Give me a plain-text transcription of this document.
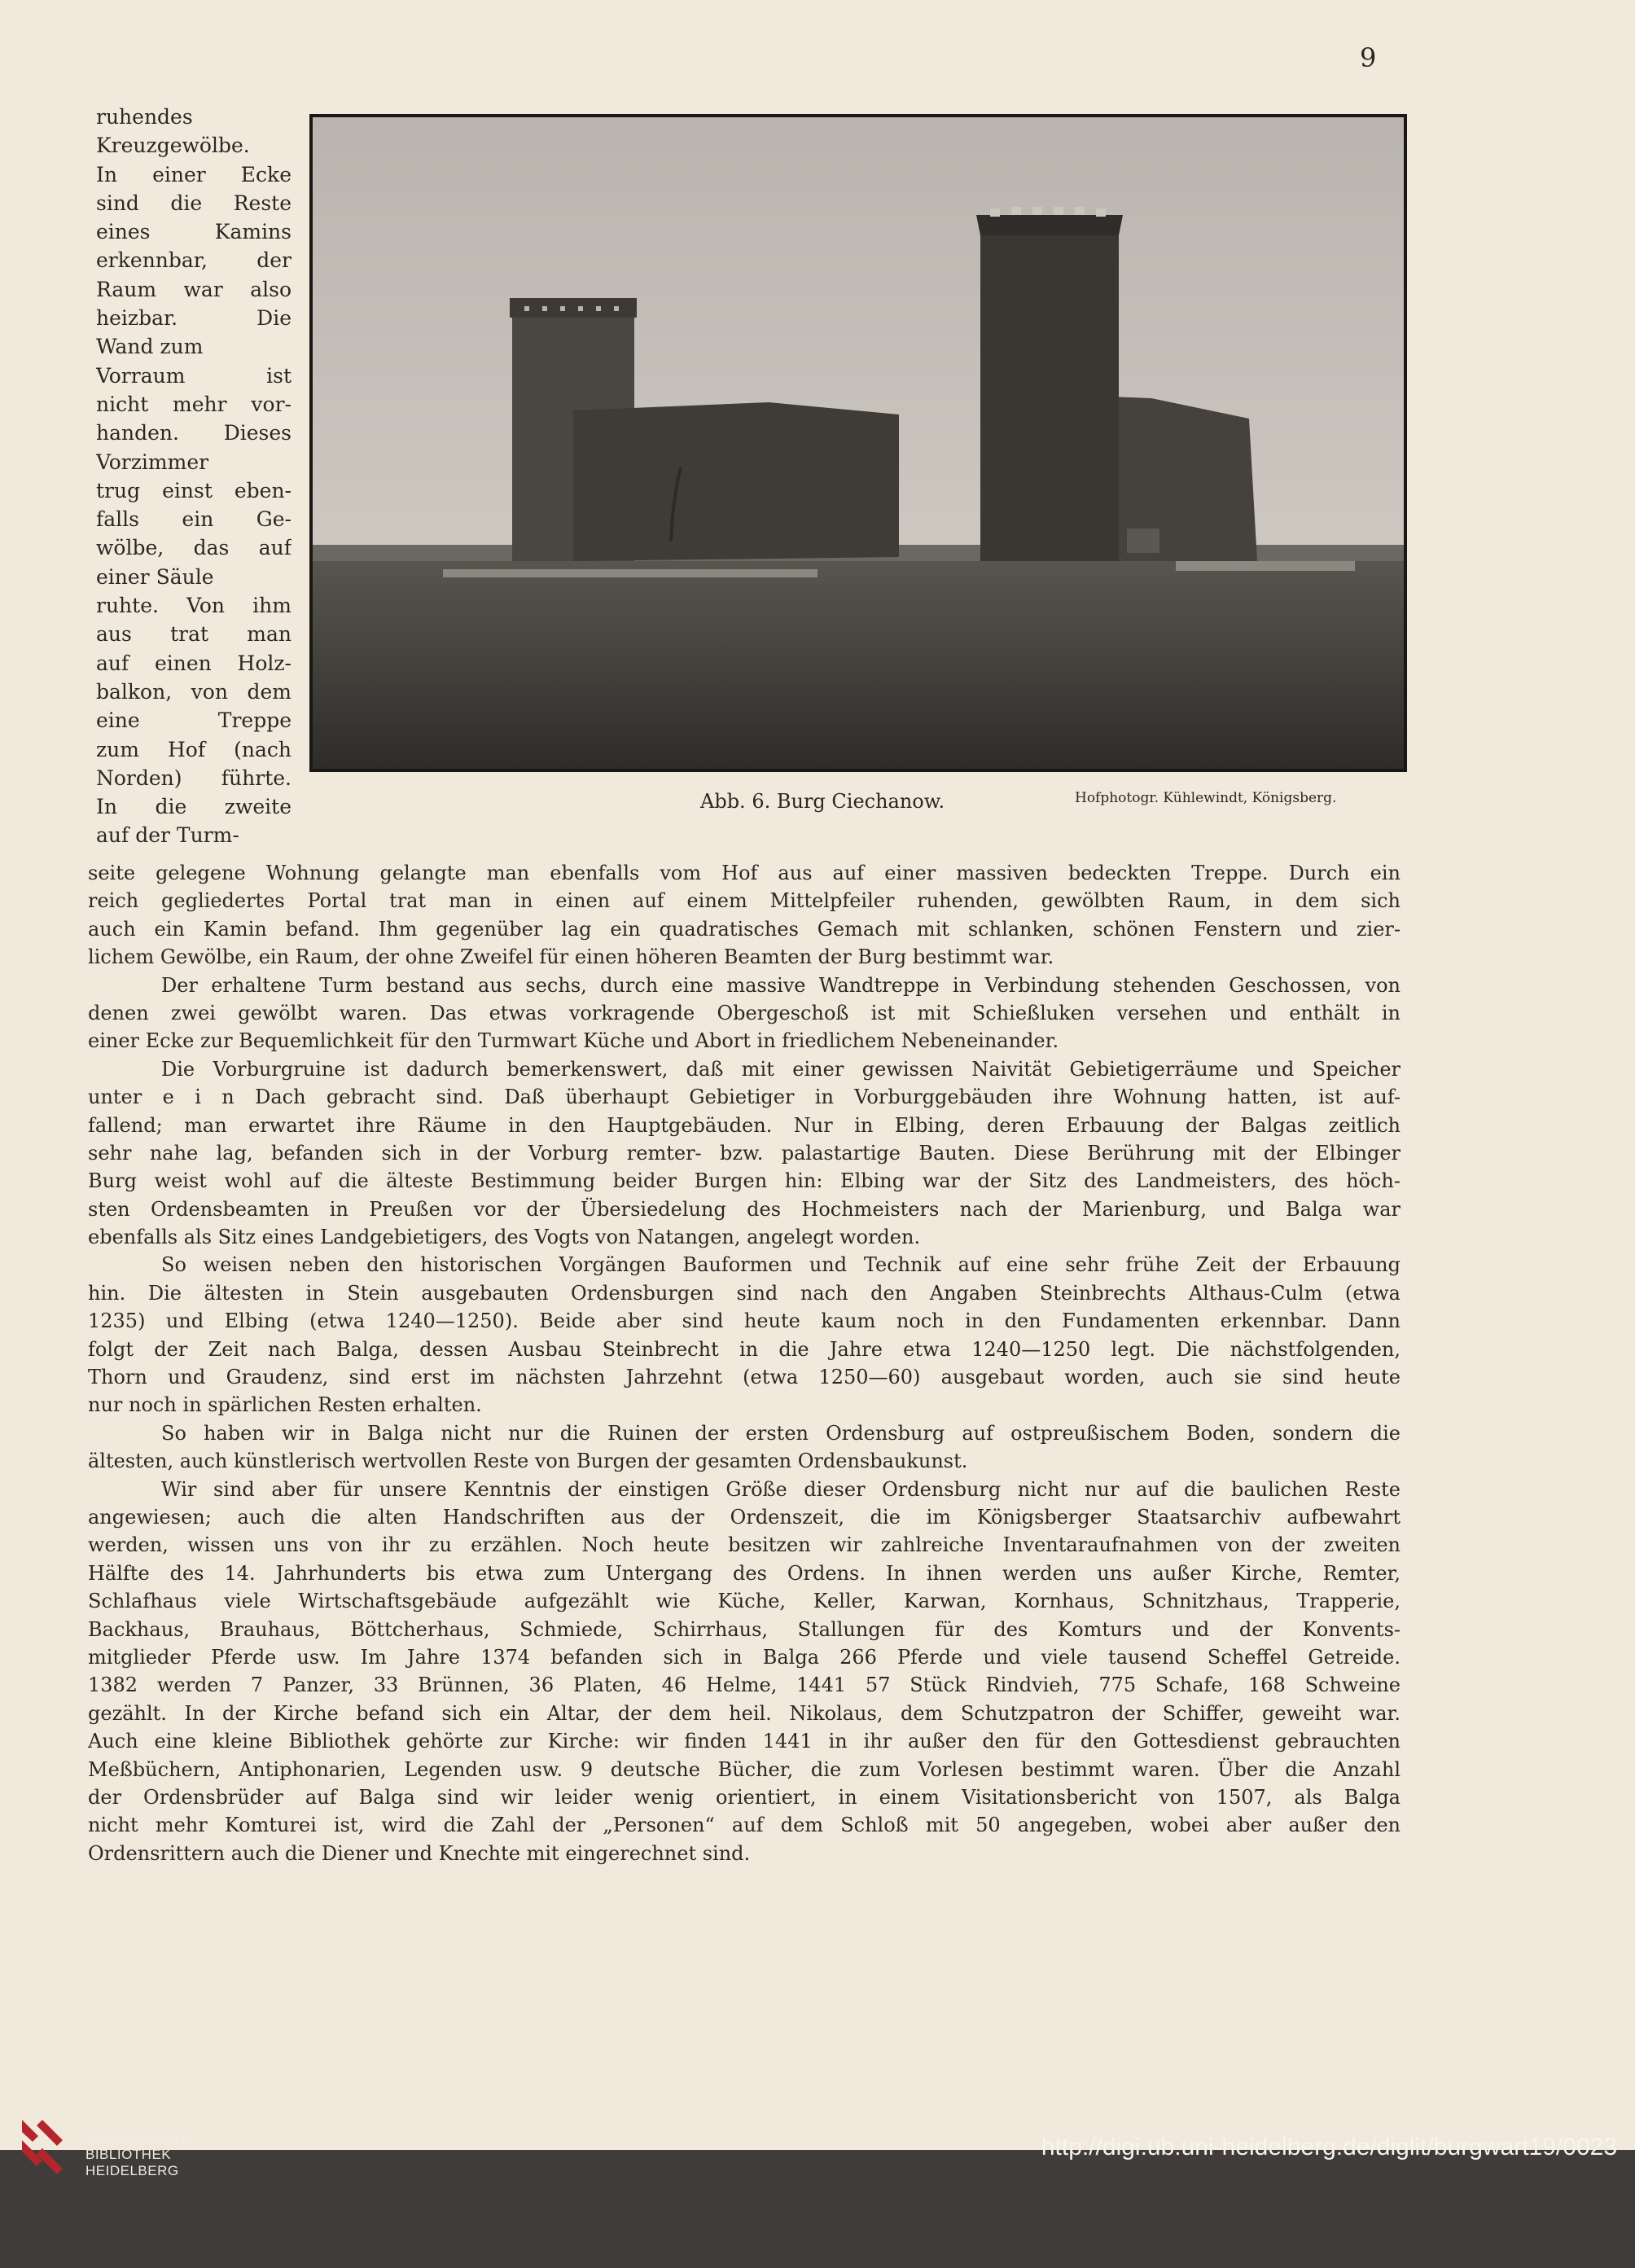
9
ruhendes
Kreuzgewölbe.
In einer Ecke
sind die Reste
eines Kamins
erkennbar, der
Raum war also
heizbar. Die
Wand zum
Vorraum ist
nicht mehr vor-
handen. Dieses
Vorzimmer
trug einst eben-
falls ein Ge-
wölbe, das auf
einer Säule
ruhte. Von ihm
aus trat man
auf einen Holz-
balkon, von dem
eine Treppe
zum Hof (nach
Norden) führte.
In die zweite
auf der Turm-
Abb. 6. Burg Ciechanow.	Hofphotogr. Kühlewindt, Königsberg.
seite gelegene Wohnung gelangte man ebenfalls vom Hof aus auf einer massiven bedeckten Treppe. Durch ein
reich gegliedertes Portal trat man in einen auf einem Mittelpfeiler ruhenden, gewölbten Raum, in dem sich
auch ein Kamin befand. Ihm gegenüber lag ein quadratisches Gemach mit schlanken, schönen Fenstern und zier-
lichem Gewölbe, ein Raum, der ohne Zweifel für einen höheren Beamten der Burg bestimmt war.
Der erhaltene Turm bestand aus sechs, durch eine massive Wandtreppe in Verbindung stehenden Geschossen, von
denen zwei gewölbt waren. Das etwas vorkragende Obergeschoß ist mit Schießluken versehen und enthält in
einer Ecke zur Bequemlichkeit für den Turmwart Küche und Abort in friedlichem Nebeneinander.
Die Vorburgruine ist dadurch bemerkenswert, daß mit einer gewissen Naivität Gebietigerräume und Speicher
unter e i n Dach gebracht sind. Daß überhaupt Gebietiger in Vorburggebäuden ihre Wohnung hatten, ist auf-
fallend; man erwartet ihre Räume in den Hauptgebäuden. Nur in Elbing, deren Erbauung der Balgas zeitlich
sehr nahe lag, befanden sich in der Vorburg remter- bzw. palastartige Bauten. Diese Berührung mit der Elbinger
Burg weist wohl auf die älteste Bestimmung beider Burgen hin: Elbing war der Sitz des Landmeisters, des höch-
sten Ordensbeamten in Preußen vor der Übersiedelung des Hochmeisters nach der Marienburg, und Balga war
ebenfalls als Sitz eines Landgebietigers, des Vogts von Natangen, angelegt worden.
So weisen neben den historischen Vorgängen Bauformen und Technik auf eine sehr frühe Zeit der Erbauung
hin. Die ältesten in Stein ausgebauten Ordensburgen sind nach den Angaben Steinbrechts Althaus-Culm (etwa
1235) und Elbing (etwa 1240—1250). Beide aber sind heute kaum noch in den Fundamenten erkennbar. Dann
folgt der Zeit nach Balga, dessen Ausbau Steinbrecht in die Jahre etwa 1240—1250 legt. Die nächstfolgenden,
Thorn und Graudenz, sind erst im nächsten Jahrzehnt (etwa 1250—60) ausgebaut worden, auch sie sind heute
nur noch in spärlichen Resten erhalten.
So haben wir in Balga nicht nur die Ruinen der ersten Ordensburg auf ostpreußischem Boden, sondern die
ältesten, auch künstlerisch wertvollen Reste von Burgen der gesamten Ordensbaukunst.
Wir sind aber für unsere Kenntnis der einstigen Größe dieser Ordensburg nicht nur auf die baulichen Reste
angewiesen; auch die alten Handschriften aus der Ordenszeit, die im Königsberger Staatsarchiv aufbewahrt
werden, wissen uns von ihr zu erzählen. Noch heute besitzen wir zahlreiche Inventaraufnahmen von der zweiten
Hälfte des 14. Jahrhunderts bis etwa zum Untergang des Ordens. In ihnen werden uns außer Kirche, Remter,
Schlafhaus viele Wirtschaftsgebäude aufgezählt wie Küche, Keller, Karwan, Kornhaus, Schnitzhaus, Trapperie,
Backhaus, Brauhaus, Böttcherhaus, Schmiede, Schirrhaus, Stallungen für des Komturs und der Konvents-
mitglieder Pferde usw. Im Jahre 1374 befanden sich in Balga 266 Pferde und viele tausend Scheffel Getreide.
1382 werden 7 Panzer, 33 Brünnen, 36 Platen, 46 Helme, 1441 57 Stück Rindvieh, 775 Schafe, 168 Schweine
gezählt. In der Kirche befand sich ein Altar, der dem heil. Nikolaus, dem Schutzpatron der Schiffer, geweiht war.
Auch eine kleine Bibliothek gehörte zur Kirche: wir finden 1441 in ihr außer den für den Gottesdienst gebrauchten
Meßbüchern, Antiphonarien, Legenden usw. 9 deutsche Bücher, die zum Vorlesen bestimmt waren. Über die Anzahl
der Ordensbrüder auf Balga sind wir leider wenig orientiert, in einem Visitationsbericht von 1507, als Balga
nicht mehr Komturei ist, wird die Zahl der „Personen“ auf dem Schloß mit 50 angegeben, wobei aber außer den
Ordensrittern auch die Diener und Knechte mit eingerechnet sind.
UNIVERSITÄTS-
BIBLIOTHEK
HEIDELBERG
http://digi.ub.uni-heidelberg.de/diglit/burgwart19/0023
